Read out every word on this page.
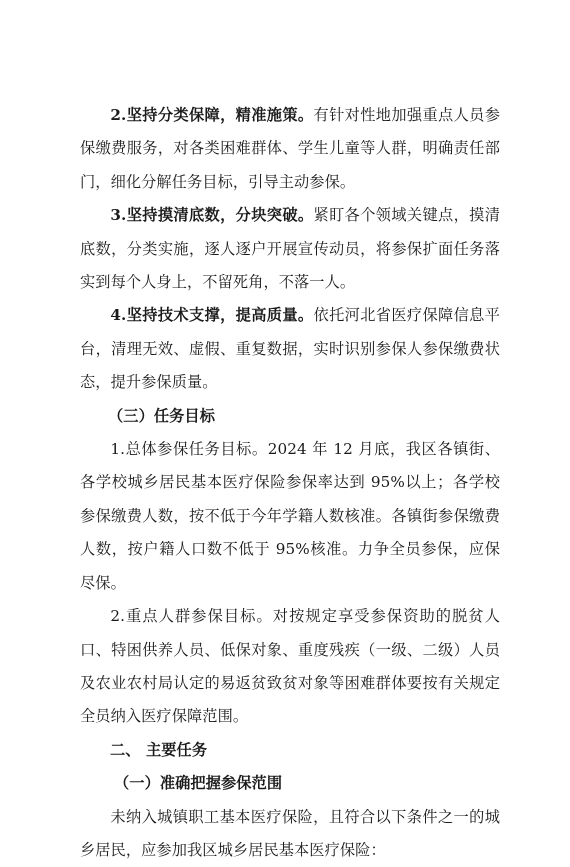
2.坚持分类保障，精准施策。有针对性地加强重点人员参保缴费服务，对各类困难群体、学生儿童等人群，明确责任部门，细化分解任务目标，引导主动参保。

3.坚持摸清底数，分块突破。紧盯各个领域关键点，摸清底数，分类实施，逐人逐户开展宣传动员，将参保扩面任务落实到每个人身上，不留死角，不落一人。

4.坚持技术支撑，提高质量。依托河北省医疗保障信息平台，清理无效、虚假、重复数据，实时识别参保人参保缴费状态，提升参保质量。

（三）任务目标

1.总体参保任务目标。2024 年 12 月底，我区各镇街、各学校城乡居民基本医疗保险参保率达到 95%以上；各学校参保缴费人数，按不低于今年学籍人数核准。各镇街参保缴费人数，按户籍人口数不低于 95%核准。力争全员参保，应保尽保。

2.重点人群参保目标。对按规定享受参保资助的脱贫人口、特困供养人员、低保对象、重度残疾（一级、二级）人员及农业农村局认定的易返贫致贫对象等困难群体要按有关规定全员纳入医疗保障范围。

二、 主要任务

（一）准确把握参保范围

未纳入城镇职工基本医疗保险，且符合以下条件之一的城乡居民，应参加我区城乡居民基本医疗保险：
